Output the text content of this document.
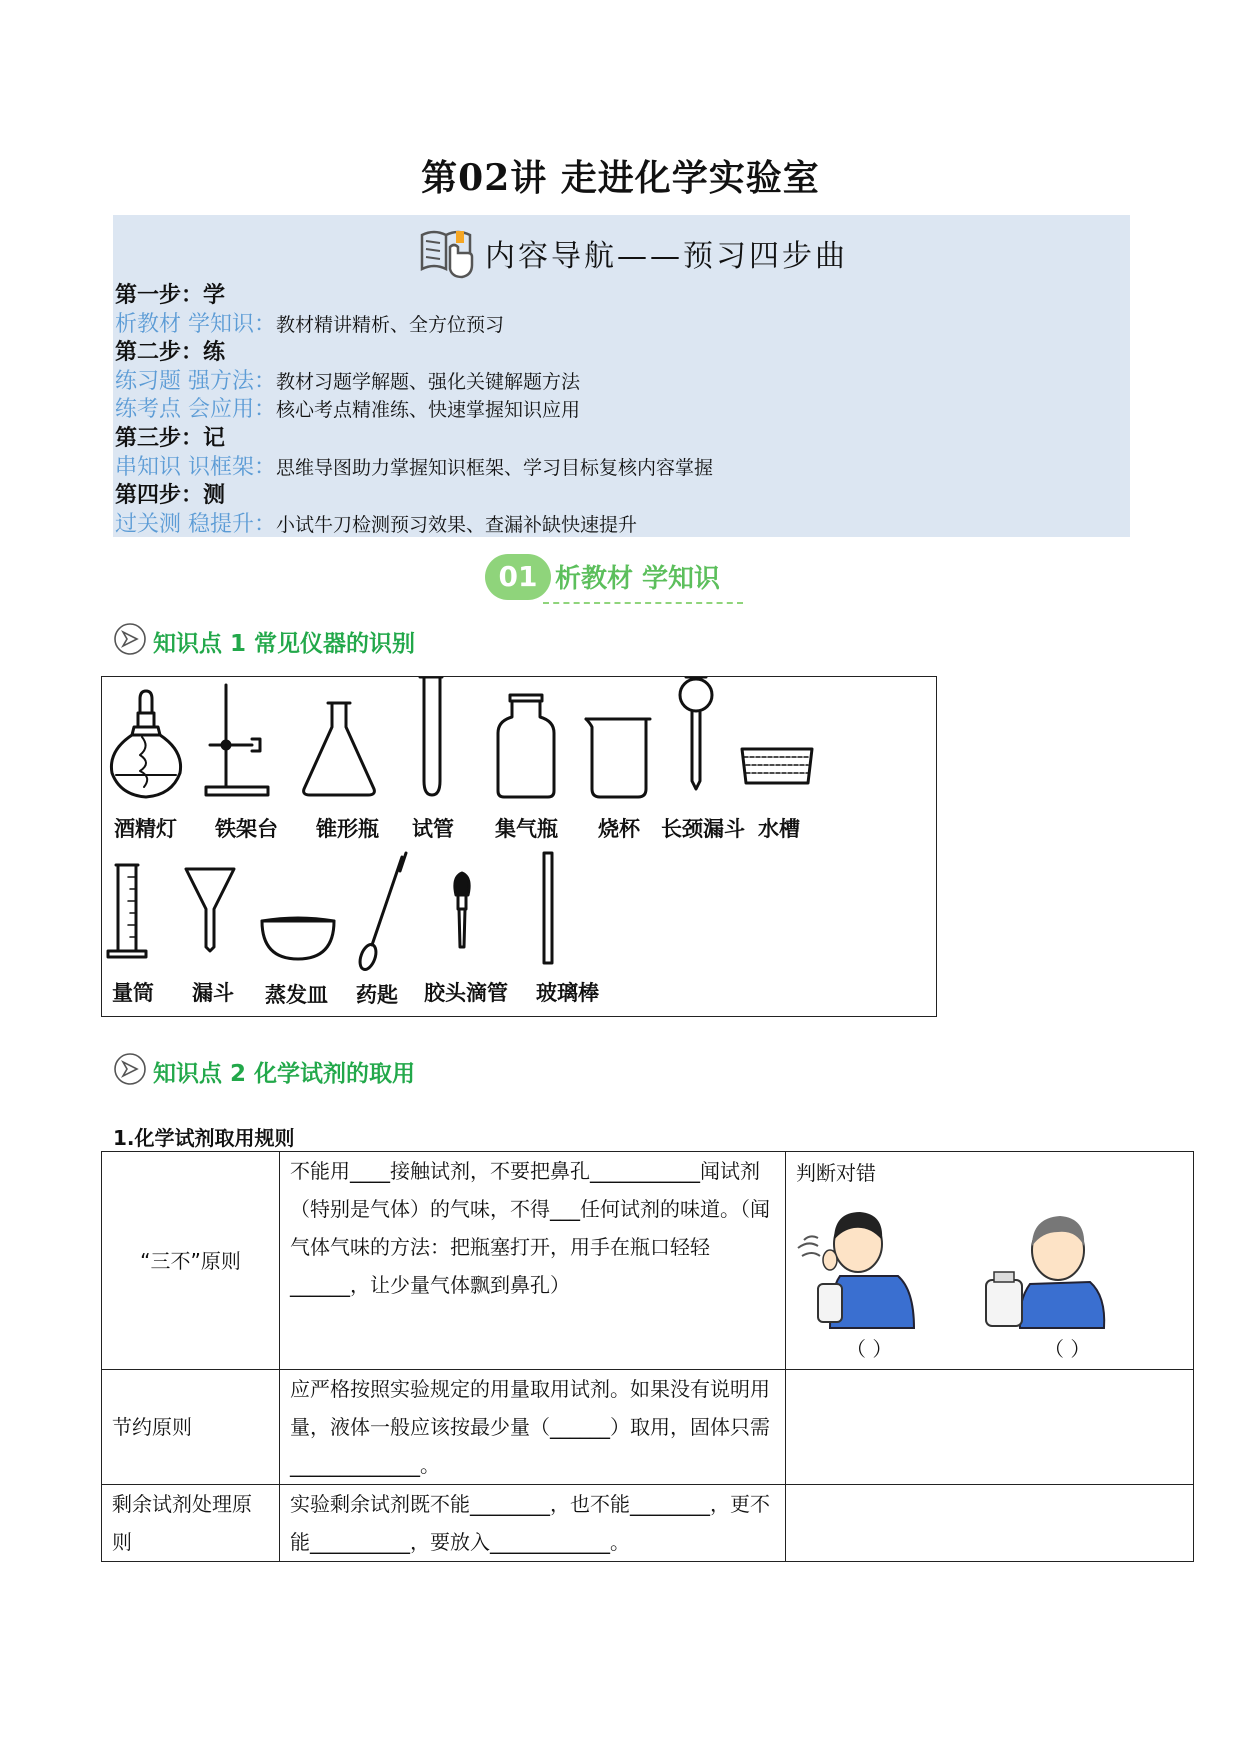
第02讲 走进化学实验室
内容导航——预习四步曲
第一步：学
析教材 学知识：教材精讲精析、全方位预习
第二步：练
练习题 强方法：教材习题学解题、强化关键解题方法
练考点 会应用：核心考点精准练、快速掌握知识应用
第三步：记
串知识 识框架：思维导图助力掌握知识框架、学习目标复核内容掌握
第四步：测
过关测 稳提升：小试牛刀检测预习效果、查漏补缺快速提升
01 析教材 学知识
知识点 1 常见仪器的识别
酒精灯 铁架台 锥形瓶 试管 集气瓶 烧杯 长颈漏斗 水槽
量筒 漏斗 蒸发皿 药匙 胶头滴管 玻璃棒
知识点 2 化学试剂的取用
1.化学试剂取用规则
“三不”原则	不能用____接触试剂，不要把鼻孔___________闻试剂（特别是气体）的气味，不得___任何试剂的味道。（闻气体气味的方法：把瓶塞打开，用手在瓶口轻轻______，让少量气体飘到鼻孔）	判断对错
（ ） （ ）

节约原则	应严格按照实验规定的用量取用试剂。如果没有说明用量，液体一般应该按最少量（______）取用，固体只需_____________。	
剩余试剂处理原则	实验剩余试剂既不能________，也不能________，更不能__________，要放入____________。	
